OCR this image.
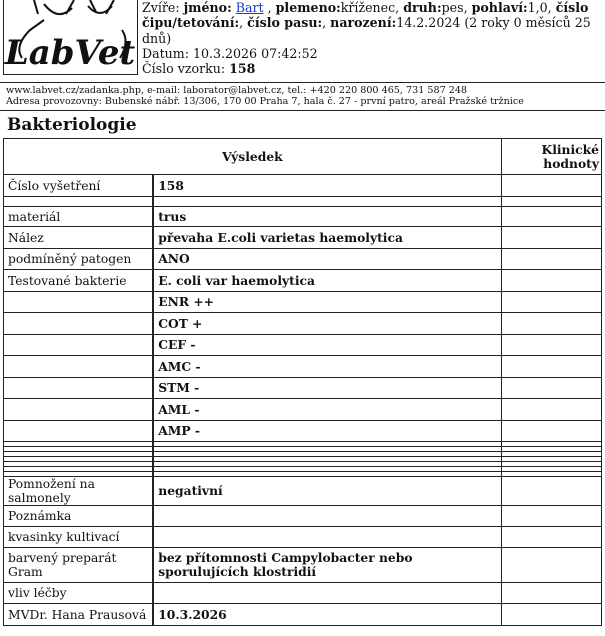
LabVet
Zvíře: jméno: Bart , plemeno:kříženec, druh:pes, pohlaví:1,0, číslo
čipu/tetování:, číslo pasu:, narození:14.2.2024 (2 roky 0 měsíců 25 dnů)
Datum: 10.3.2026 07:42:52
Číslo vzorku: 158
www.labvet.cz/zadanka.php, e-mail: laborator@labvet.cz, tel.: +420 220 800 465, 731 587 248
Adresa provozovny: Bubenské nábř. 13/306, 170 00 Praha 7, hala č. 27 - první patro, areál Pražské tržnice
Bakteriologie
Výsledek		Klinické
hodnoty
Číslo vyšetření	158	

materiál	trus	
Nález	převaha E.coli varietas haemolytica	
podmíněný patogen	ANO	
Testované bakterie	E. coli var haemolytica	
	ENR ++	
	COT +	
	CEF -	
	AMC -	
	STM -	
	AML -	
	AMP -	

Pomnožení na salmonely	negativní	
Poznámka		
kvasinky kultivací		
barvený preparát Gram	bez přítomnosti Campylobacter nebo sporulujících klostridií	
vliv léčby		
MVDr. Hana Prausová	10.3.2026	
